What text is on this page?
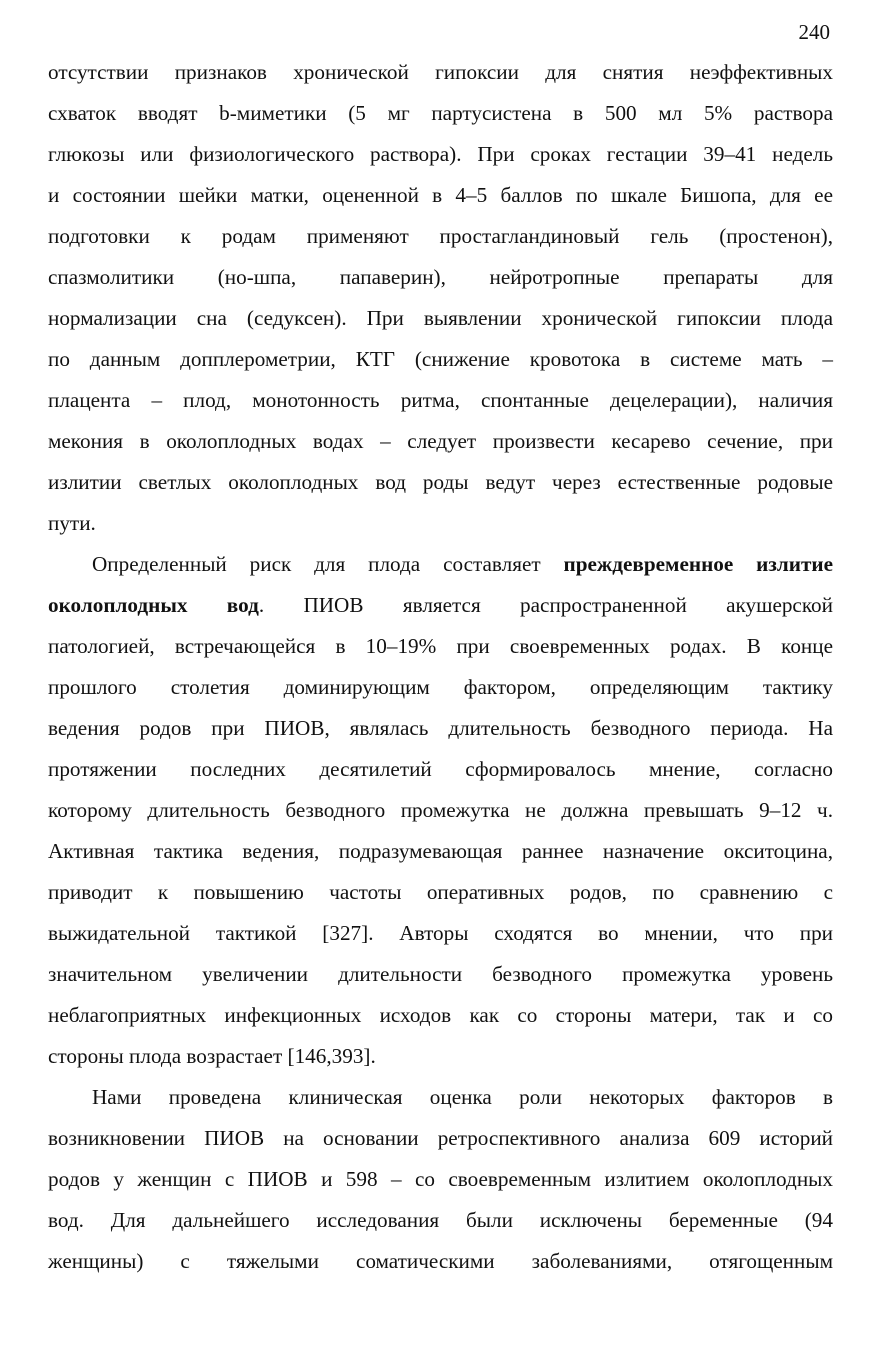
240
отсутствии признаков хронической гипоксии для снятия неэффективных
схваток вводят b-миметики (5 мг партусистена в 500 мл 5% раствора
глюкозы или физиологического раствора). При сроках гестации 39–41 недель
и состоянии шейки матки, оцененной в 4–5 баллов по шкале Бишопа, для ее
подготовки к родам применяют простагландиновый гель (простенон),
спазмолитики (но-шпа, папаверин), нейротропные препараты для
нормализации сна (седуксен). При выявлении хронической гипоксии плода
по данным допплерометрии, КТГ (снижение кровотока в системе мать –
плацента – плод, монотонность ритма, спонтанные децелерации), наличия
мекония в околоплодных водах – следует произвести кесарево сечение, при
излитии светлых околоплодных вод роды ведут через естественные родовые
пути.
Определенный риск для плода составляет преждевременное излитие
околоплодных вод. ПИОВ является распространенной акушерской
патологией, встречающейся в 10–19% при своевременных родах. В конце
прошлого столетия доминирующим фактором, определяющим тактику
ведения родов при ПИОВ, являлась длительность безводного периода. На
протяжении последних десятилетий сформировалось мнение, согласно
которому длительность безводного промежутка не должна превышать 9–12 ч.
Активная тактика ведения, подразумевающая раннее назначение окситоцина,
приводит к повышению частоты оперативных родов, по сравнению с
выжидательной тактикой [327]. Авторы сходятся во мнении, что при
значительном увеличении длительности безводного промежутка уровень
неблагоприятных инфекционных исходов как со стороны матери, так и со
стороны плода возрастает [146,393].
Нами проведена клиническая оценка роли некоторых факторов в
возникновении ПИОВ на основании ретроспективного анализа 609 историй
родов у женщин с ПИОВ и 598 – со своевременным излитием околоплодных
вод. Для дальнейшего исследования были исключены беременные (94
женщины) с тяжелыми соматическими заболеваниями, отягощенным
